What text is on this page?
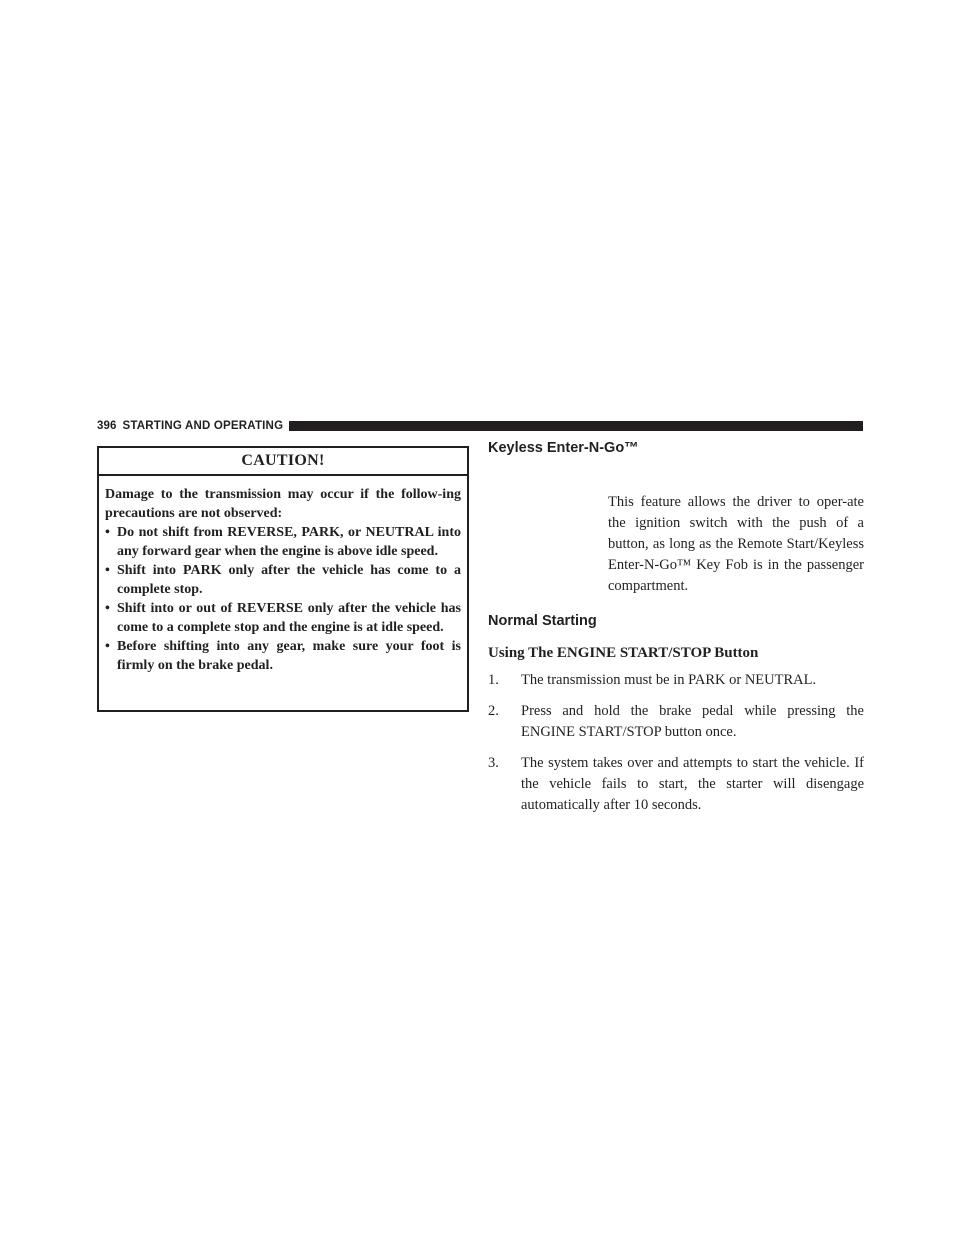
396 STARTING AND OPERATING
CAUTION!

Damage to the transmission may occur if the follow-ing precautions are not observed:

• Do not shift from REVERSE, PARK, or NEUTRAL into any forward gear when the engine is above idle speed.
• Shift into PARK only after the vehicle has come to a complete stop.
• Shift into or out of REVERSE only after the vehicle has come to a complete stop and the engine is at idle speed.
• Before shifting into any gear, make sure your foot is firmly on the brake pedal.
Keyless Enter-N-Go™

This feature allows the driver to oper-ate the ignition switch with the push of a button, as long as the Remote Start/Keyless Enter-N-Go™ Key Fob is in the passenger compartment.

Normal Starting
Using The ENGINE START/STOP Button
1. The transmission must be in PARK or NEUTRAL.
2. Press and hold the brake pedal while pressing the ENGINE START/STOP button once.
3. The system takes over and attempts to start the vehicle. If the vehicle fails to start, the starter will disengage automatically after 10 seconds.
